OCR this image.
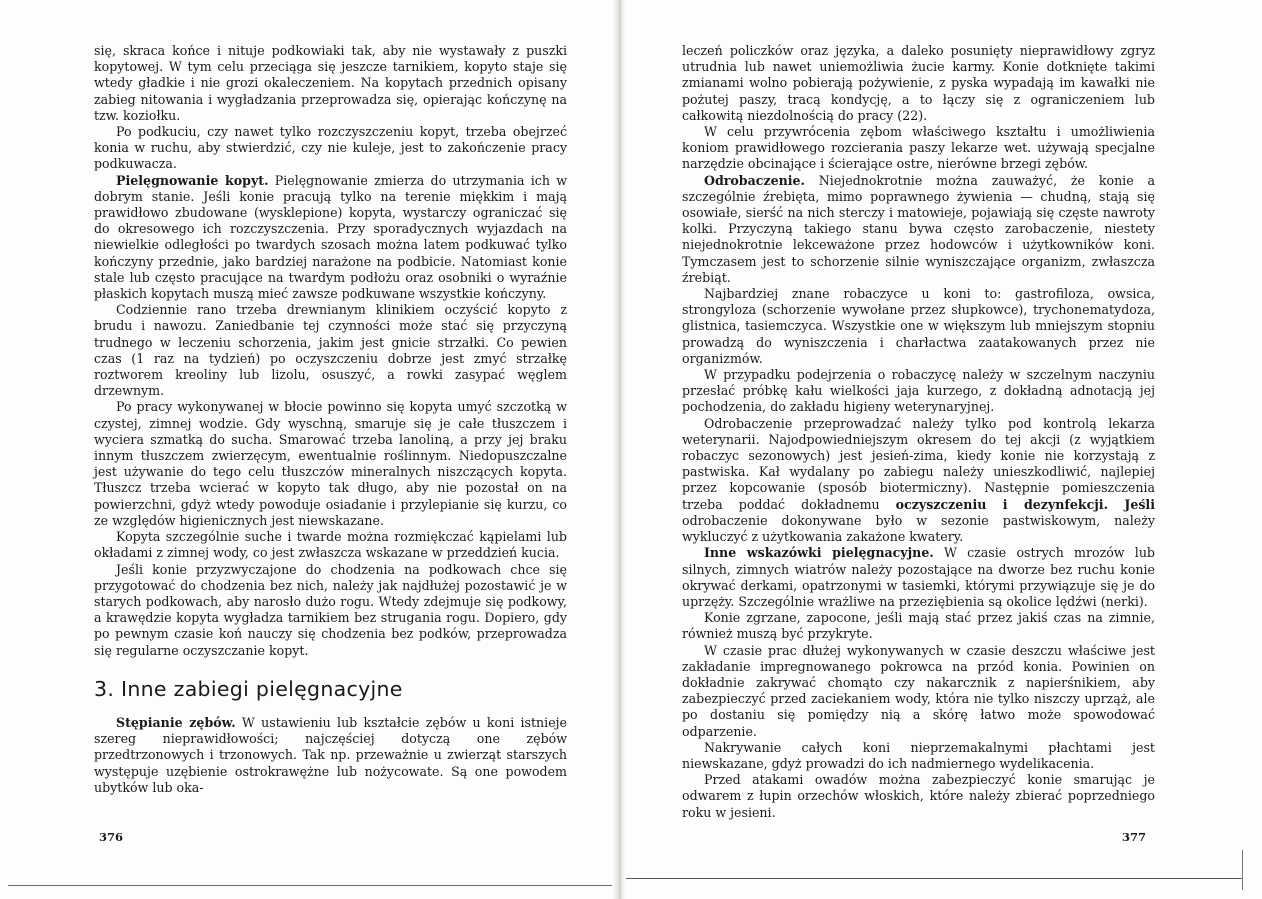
się, skraca końce i nituje podkowiaki tak, aby nie wystawały z puszki kopytowej. W tym celu przeciąga się jeszcze tarnikiem, kopyto staje się wtedy gładkie i nie grozi okaleczeniem. Na kopytach przednich opisany zabieg nitowania i wygładzania przeprowadza się, opierając kończynę na tzw. koziołku.

Po podkuciu, czy nawet tylko rozczyszczeniu kopyt, trzeba obejrzeć konia w ruchu, aby stwierdzić, czy nie kuleje, jest to zakończenie pracy podkuwacza.

Pielęgnowanie kopyt. Pielęgnowanie zmierza do utrzymania ich w dobrym stanie. Jeśli konie pracują tylko na terenie miękkim i mają prawidłowo zbudowane (wysklepione) kopyta, wystarczy ograniczać się do okresowego ich rozczyszczenia. Przy sporadycznych wyjazdach na niewielkie odległości po twardych szosach można latem podkuwać tylko kończyny przednie, jako bardziej narażone na podbicie. Natomiast konie stale lub często pracujące na twardym podłożu oraz osobniki o wyraźnie płaskich kopytach muszą mieć zawsze podkuwane wszystkie kończyny.

Codziennie rano trzeba drewnianym klinikiem oczyścić kopyto z brudu i nawozu. Zaniedbanie tej czynności może stać się przyczyną trudnego w leczeniu schorzenia, jakim jest gnicie strzałki. Co pewien czas (1 raz na tydzień) po oczyszczeniu dobrze jest zmyć strzałkę roztworem kreoliny lub lizolu, osuszyć, a rowki zasypać węglem drzewnym.

Po pracy wykonywanej w błocie powinno się kopyta umyć szczotką w czystej, zimnej wodzie. Gdy wyschną, smaruje się je całe tłuszczem i wyciera szmatką do sucha. Smarować trzeba lanoliną, a przy jej braku innym tłuszczem zwierzęcym, ewentualnie roślinnym. Niedopuszczalne jest używanie do tego celu tłuszczów mineralnych niszczących kopyta. Tłuszcz trzeba wcierać w kopyto tak długo, aby nie pozostał on na powierzchni, gdyż wtedy powoduje osiadanie i przylepianie się kurzu, co ze względów higienicznych jest niewskazane.

Kopyta szczególnie suche i twarde można rozmiękczać kąpielami lub okładami z zimnej wody, co jest zwłaszcza wskazane w przeddzień kucia.

Jeśli konie przyzwyczajone do chodzenia na podkowach chce się przygotować do chodzenia bez nich, należy jak najdłużej pozostawić je w starych podkowach, aby narosło dużo rogu. Wtedy zdejmuje się podkowy, a krawędzie kopyta wygładza tarnikiem bez strugania rogu. Dopiero, gdy po pewnym czasie koń nauczy się chodzenia bez podków, przeprowadza się regularne oczyszczanie kopyt.

3. Inne zabiegi pielęgnacyjne

Stępianie zębów. W ustawieniu lub kształcie zębów u koni istnieje szereg nieprawidłowości; najczęściej dotyczą one zębów przedtrzonowych i trzonowych. Tak np. przeważnie u zwierząt starszych występuje uzębienie ostrokrawężne lub nożycowate. Są one powodem ubytków lub oka-

376

leczeń policzków oraz języka, a daleko posunięty nieprawidłowy zgryz utrudnia lub nawet uniemożliwia żucie karmy. Konie dotknięte takimi zmianami wolno pobierają pożywienie, z pyska wypadają im kawałki nie pożutej paszy, tracą kondycję, a to łączy się z ograniczeniem lub całkowitą niezdolnością do pracy (22).

W celu przywrócenia zębom właściwego kształtu i umożliwienia koniom prawidłowego rozcierania paszy lekarze wet. używają specjalne narzędzie obcinające i ścierające ostre, nierówne brzegi zębów.

Odrobaczenie. Niejednokrotnie można zauważyć, że konie a szczególnie źrebięta, mimo poprawnego żywienia — chudną, stają się osowiałe, sierść na nich sterczy i matowieje, pojawiają się częste nawroty kolki. Przyczyną takiego stanu bywa często zarobaczenie, niestety niejednokrotnie lekceważone przez hodowców i użytkowników koni. Tymczasem jest to schorzenie silnie wyniszczające organizm, zwłaszcza źrebiąt.

Najbardziej znane robaczyce u koni to: gastrofiloza, owsica, strongyloza (schorzenie wywołane przez słupkowce), trychonematydoza, glistnica, tasiemczyca. Wszystkie one w większym lub mniejszym stopniu prowadzą do wyniszczenia i charłactwa zaatakowanych przez nie organizmów.

W przypadku podejrzenia o robaczycę należy w szczelnym naczyniu przesłać próbkę kału wielkości jaja kurzego, z dokładną adnotacją jej pochodzenia, do zakładu higieny weterynaryjnej.

Odrobaczenie przeprowadzać należy tylko pod kontrolą lekarza weterynarii. Najodpowiedniejszym okresem do tej akcji (z wyjątkiem robaczyc sezonowych) jest jesień-zima, kiedy konie nie korzystają z pastwiska. Kał wydalany po zabiegu należy unieszkodliwić, najlepiej przez kopcowanie (sposób biotermiczny). Następnie pomieszczenia trzeba poddać dokładnemu oczyszczeniu i dezynfekcji. Jeśli odrobaczenie dokonywane było w sezonie pastwiskowym, należy wykluczyć z użytkowania zakażone kwatery.

Inne wskazówki pielęgnacyjne. W czasie ostrych mrozów lub silnych, zimnych wiatrów należy pozostające na dworze bez ruchu konie okrywać derkami, opatrzonymi w tasiemki, którymi przywiązuje się je do uprzęży. Szczególnie wrażliwe na przeziębienia są okolice lędźwi (nerki).

Konie zgrzane, zapocone, jeśli mają stać przez jakiś czas na zimnie, również muszą być przykryte.

W czasie prac dłużej wykonywanych w czasie deszczu właściwe jest zakładanie impregnowanego pokrowca na przód konia. Powinien on dokładnie zakrywać chomąto czy nakarcznik z napierśnikiem, aby zabezpieczyć przed zaciekaniem wody, która nie tylko niszczy uprząż, ale po dostaniu się pomiędzy nią a skórę łatwo może spowodować odparzenie.

Nakrywanie całych koni nieprzemakalnymi płachtami jest niewskazane, gdyż prowadzi do ich nadmiernego wydelikacenia.

Przed atakami owadów można zabezpieczyć konie smarując je odwarem z łupin orzechów włoskich, które należy zbierać poprzedniego roku w jesieni.

377
